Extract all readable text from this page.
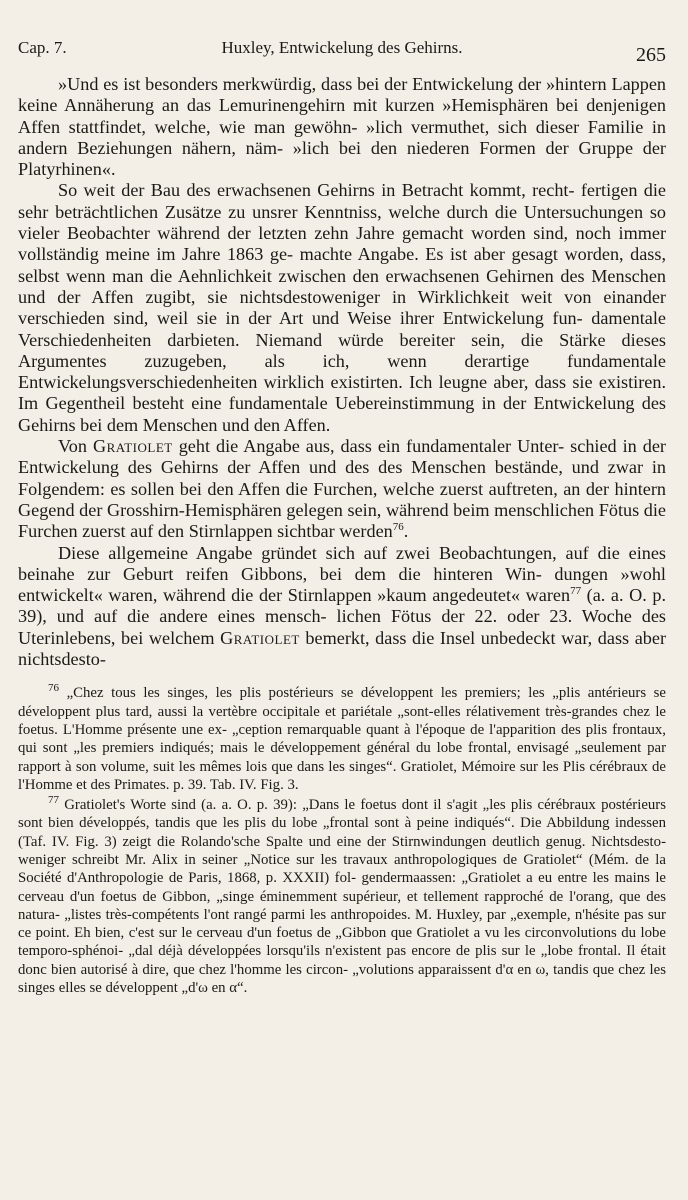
Cap. 7.	Huxley, Entwickelung des Gehirns.	265

»Und es ist besonders merkwürdig, dass bei der Entwickelung der »hintern Lappen keine Annäherung an das Lemurinengehirn mit kurzen »Hemisphären bei denjenigen Affen stattfindet, welche, wie man gewöhn- »lich vermuthet, sich dieser Familie in andern Beziehungen nähern, näm- »lich bei den niederen Formen der Gruppe der Platyrhinen«.

So weit der Bau des erwachsenen Gehirns in Betracht kommt, recht- fertigen die sehr beträchtlichen Zusätze zu unsrer Kenntniss, welche durch die Untersuchungen so vieler Beobachter während der letzten zehn Jahre gemacht worden sind, noch immer vollständig meine im Jahre 1863 ge- machte Angabe. Es ist aber gesagt worden, dass, selbst wenn man die Aehnlichkeit zwischen den erwachsenen Gehirnen des Menschen und der Affen zugibt, sie nichtsdestoweniger in Wirklichkeit weit von einander verschieden sind, weil sie in der Art und Weise ihrer Entwickelung fun- damentale Verschiedenheiten darbieten. Niemand würde bereiter sein, die Stärke dieses Argumentes zuzugeben, als ich, wenn derartige fundamentale Entwickelungsverschiedenheiten wirklich existirten. Ich leugne aber, dass sie existiren. Im Gegentheil besteht eine fundamentale Uebereinstimmung in der Entwickelung des Gehirns bei dem Menschen und den Affen.

Von Gratiolet geht die Angabe aus, dass ein fundamentaler Unter- schied in der Entwickelung des Gehirns der Affen und des des Menschen bestände, und zwar in Folgendem: es sollen bei den Affen die Furchen, welche zuerst auftreten, an der hintern Gegend der Grosshirn-Hemisphären gelegen sein, während beim menschlichen Fötus die Furchen zuerst auf den Stirnlappen sichtbar werden$^{76}$.

Diese allgemeine Angabe gründet sich auf zwei Beobachtungen, auf die eines beinahe zur Geburt reifen Gibbons, bei dem die hinteren Win- dungen »wohl entwickelt« waren, während die der Stirnlappen »kaum angedeutet« waren$^{77}$ (a. a. O. p. 39), und auf die andere eines mensch- lichen Fötus der 22. oder 23. Woche des Uterinlebens, bei welchem Gratiolet bemerkt, dass die Insel unbedeckt war, dass aber nichtsdesto-

$^{76}$ „Chez tous les singes, les plis postérieurs se développent les premiers; les „plis antérieurs se développent plus tard, aussi la vertèbre occipitale et pariétale „sont-elles rélativement très-grandes chez le foetus. L'Homme présente une ex- „ception remarquable quant à l'époque de l'apparition des plis frontaux, qui sont „les premiers indiqués; mais le développement général du lobe frontal, envisagé „seulement par rapport à son volume, suit les mêmes lois que dans les singes“. Gratiolet, Mémoire sur les Plis cérébraux de l'Homme et des Primates. p. 39. Tab. IV. Fig. 3.

$^{77}$ Gratiolet's Worte sind (a. a. O. p. 39): „Dans le foetus dont il s'agit „les plis cérébraux postérieurs sont bien développés, tandis que les plis du lobe „frontal sont à peine indiqués“. Die Abbildung indessen (Taf. IV. Fig. 3) zeigt die Rolando'sche Spalte und eine der Stirnwindungen deutlich genug. Nichtsdesto- weniger schreibt Mr. Alix in seiner „Notice sur les travaux anthropologiques de Gratiolet“ (Mém. de la Société d'Anthropologie de Paris, 1868, p. XXXII) fol- gendermaassen: „Gratiolet a eu entre les mains le cerveau d'un foetus de Gibbon, „singe éminemment supérieur, et tellement rapproché de l'orang, que des natura- „listes très-compétents l'ont rangé parmi les anthropoides. M. Huxley, par „exemple, n'hésite pas sur ce point. Eh bien, c'est sur le cerveau d'un foetus de „Gibbon que Gratiolet a vu les circonvolutions du lobe temporo-sphénoi- „dal déjà développées lorsqu'ils n'existent pas encore de plis sur le „lobe frontal. Il était donc bien autorisé à dire, que chez l'homme les circon- „volutions apparaissent d'α en ω, tandis que chez les singes elles se développent „d'ω en α“.
